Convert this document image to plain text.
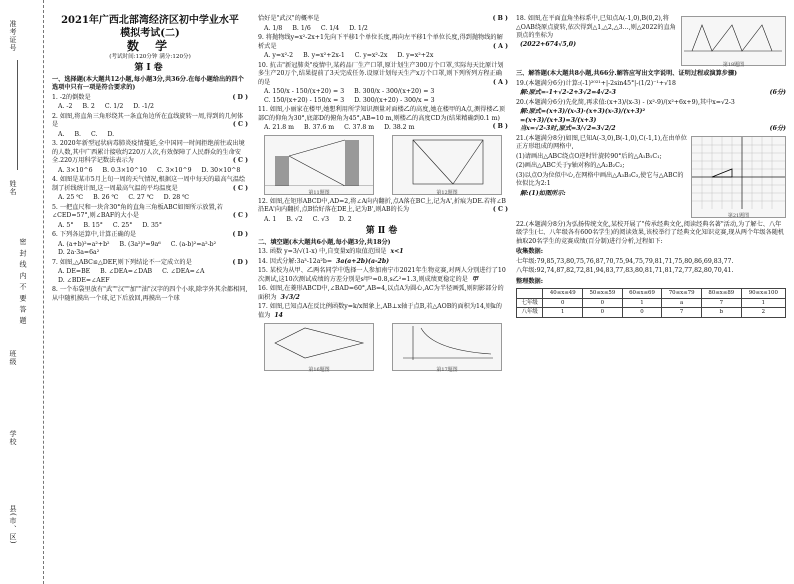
准考证号
姓名
密 封 线 内 不 要 答 题
班级
学校
县(市、区)
2021年广西北部湾经济区初中学业水平
模拟考试(二)
数 学
(考试时间:120分钟 满分:120分)
第Ⅰ卷
一、选择题(本大题共12小题,每小题3分,共36分.在每小题给出的四个选项中只有一项是符合要求的)
1. -2的倒数是	( D )
A. -2 B. 2 C. 1/2 D. -1/2
2. 如图,将直角三角形绕其一条直角边所在直线旋转一周,得到的几何体是	( C )
A. B. C. D.
3. 2020年新型冠状病毒肺炎疫情蔓延,全中国同一时间拒绝前往或出境的人数,其中广西累计接收约220万人次,有效保障了人民群众的生命安全.220万用科学记数法表示为	( C )
A. 3×10^6 B. 0.3×10^10 C. 3×10^9 D. 30×10^8
4. 如图是某市5月上旬一周的天气情况,根据这一周中每天的最高气温绘制了折线统计图,这一周最高气温的平均温度是	( C )
A. 25 ℃ B. 26 ℃ C. 27 ℃ D. 28 ℃
5. 一把直尺和一块含30°角的直角三角板ABC如图所示放置,若∠CED=57°,则∠BAF的大小是	( C )
A. 5° B. 15° C. 25° D. 35°
6. 下列各运算中,计算正确的是	( D )
A. (a+b)²=a²+b² B. (3a²)³=9a⁶ C. (a-b)²=a²-b²
D. 2a·3a=6a²
7. 如图,△ABC≌△DEF,则下列结论不一定成立的是	( D )
A. DE=BE B. ∠DEA=∠DAB C. ∠DEA=∠A
D. ∠BDE=∠AEF
8. 一个布袋里放有"武""汉""加""油"汉字的四个小球,除字外其余都相同,从中随机摸出一个球,记下后放回,再摸出一个球
恰好是"武汉"的概率是	( B )
A. 1/8 B. 1/6 C. 1/4 D. 1/2
9. 将抛物线y=x²-2x+1先向下平移1个单位长度,再向左平移1个单位长度,得到抛物线的解析式是	( A )
A. y=x²-2 B. y=x²+2x-1 C. y=x²-2x D. y=x²+2x
10. 抗击"新冠肺炎"疫情中,某药品厂生产口罩,原计划生产300万个口罩,实际每天比原计划多生产20万个,结果提前了3天完成任务.设原计划每天生产x万个口罩,则下列所列方程正确的是	( A )
A. 150/x - 150/(x+20) = 3 B. 300/x - 300/(x+20) = 3
C. 150/(x+20) - 150/x = 3 D. 300/(x+20) - 300/x = 3
11. 如图,小丽家在楼甲,她想利用所学知识测量对面楼乙的高度,她在楼甲的A点,测得楼乙顶部C的仰角为30°,底部D的俯角为45°,AB=10 m,则楼乙的高度CD为(结果精确到0.1 m)
( B )
A. 21.8 m B. 37.6 m C. 37.8 m D. 38.2 m
第11题图	第12题图
12. 如图,在矩形ABCD中,AD=2,将∠A向内翻折,点A落在BC上,记为A',折痕为DE.若将∠B沿EA'向内翻折,点B恰好落在DE上,记为B',则AB的长为	( C )
A. 1 B. √2 C. √3 D. 2
第Ⅱ卷
二、填空题(本大题共6小题,每小题3分,共18分)
13. 函数 y=3/√(1-x) 中,自变量x的取值范围是 x<1
14. 因式分解:3a³-12a²b= 3a(a+2b)(a-2b)
15. 某校为从甲、乙两名同学中选择一人参加南宁市2021年生物竞赛,对两人分别进行了10次测试,这10次测试成绩的方差分别是s甲²=0.8,s乙²=1.3,则成绩更稳定的是 甲
16. 如图,在菱形ABCD中,∠BAD=60°,AB=4,以点A为圆心,AC为半径画弧,则阴影部分的面积为 3√3/2
17. 如图,已知点A在反比例函数y=k/x图象上,AB⊥x轴于点B,若△AOB的面积为14,则k的值为 14
第16题图	第17题图
18. 如图,在平面直角坐标系中,已知点A(-1,0),B(0,2),将△OAB绕原点旋转,依次得到△1,△2,△3…,则△2022的直角顶点的坐标为
(2022+674√5,0)
第18题图
三、解答题(本大题共8小题,共66分.解答应写出文字说明、证明过程或演算步骤)
19.(本题满分6分)计算:(-1)²⁰²¹+|-2sin45°|-(1/2)⁻¹+√18
解:原式=-1+√2-2+3√2=4√2-3	(6分)
20.(本题满分6分)先化简,再求值:(x+3)/(x-3) - (x²-9)/(x²+6x+9),其中x=√2-3
解:原式=(x+3)/(x-3)·(x+3)(x-3)/(x+3)²
=(x+3)/(x+3)=3/(x+3)
当x=√2-3时,原式=3/√2=3√2/2	(6分)
21.(本题满分8分)如图,已知A(-3,0),B(-1,0),C(-1,1),在由单位正方形组成的网格中,
(1)请画出△ABC绕点O逆时针旋转90°后的△A₁B₁C₁;
(2)画出△ABC关于y轴对称的△A₂B₂C₂;
(3)以点O为位似中心,在网格中画出△A₃B₃C₃,使它与△ABC的位似比为2:1
解:(1)如图所示:
第21题图
22.(本题满分8分)为弘扬传统文化,某校开展了"传承经典文化,阅读经典名著"活动,为了解七、八年级学生(七、八年级各有600名学生)的阅读效果,该校举行了经典文化知识竞赛,现从两个年级各随机抽取20名学生的竞赛成绩(百分制)进行分析,过程如下:
收集数据:
七年级:79,85,73,80,75,76,87,70,75,94,75,79,81,71,75,80,86,69,83,77.
八年级:92,74,87,82,72,81,94,83,77,83,80,81,71,81,72,77,82,80,70,41.
整理数据:
	40≤x≤49	50≤x≤59	60≤x≤69	70≤x≤79	80≤x≤89	90≤x≤100
七年级	0	0	1	a	7	1
八年级	1	0	0	7	b	2
